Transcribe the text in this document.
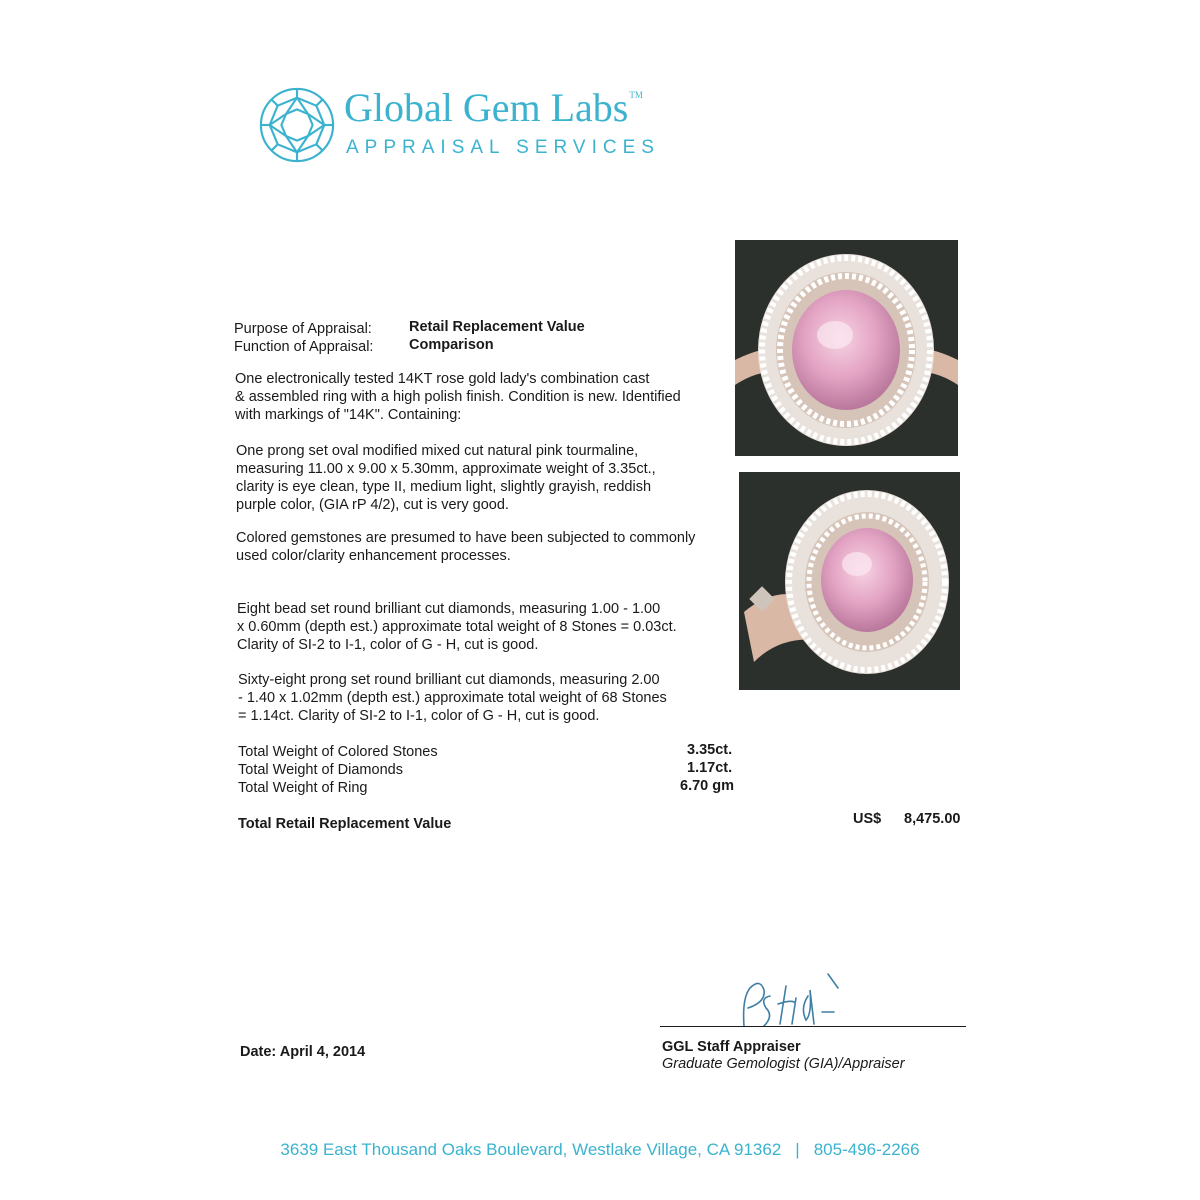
Global Gem Labs™
APPRAISAL SERVICES
Purpose of Appraisal:	Retail Replacement Value
Function of Appraisal: Comparison
One electronically tested 14KT rose gold lady's combination cast
& assembled ring with a high polish finish. Condition is new. Identified
with markings of "14K". Containing:
One prong set oval modified mixed cut natural pink tourmaline,
measuring 11.00 x 9.00 x 5.30mm, approximate weight of 3.35ct.,
clarity is eye clean, type II, medium light, slightly grayish, reddish
purple color, (GIA rP 4/2), cut is very good.
Colored gemstones are presumed to have been subjected to commonly
used color/clarity enhancement processes.
Eight bead set round brilliant cut diamonds, measuring 1.00 - 1.00
x 0.60mm (depth est.) approximate total weight of 8 Stones = 0.03ct.
Clarity of SI-2 to I-1, color of G - H, cut is good.
Sixty-eight prong set round brilliant cut diamonds, measuring 2.00
- 1.40 x 1.02mm (depth est.) approximate total weight of 68 Stones
= 1.14ct. Clarity of SI-2 to I-1, color of G - H, cut is good.
Total Weight of Colored Stones	3.35ct.
Total Weight of Diamonds	1.17ct.
Total Weight of Ring	6.70 gm
Total Retail Replacement Value	US$ 8,475.00
Date: April 4, 2014	GGL Staff Appraiser
Graduate Gemologist (GIA)/Appraiser
3639 East Thousand Oaks Boulevard, Westlake Village, CA 91362 | 805-496-2266
